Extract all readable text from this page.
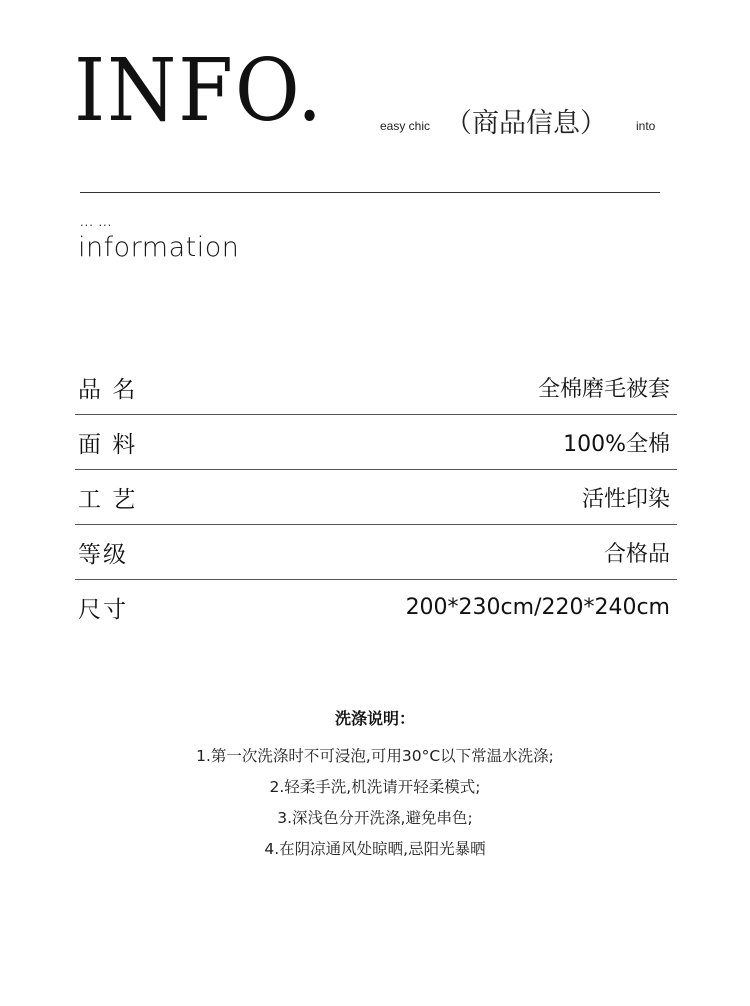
INFO.	easy chic （商品信息） into
... ...
information
品 名	全棉磨毛被套
面 料	100%全棉
工 艺	活性印染
等级	合格品
尺寸	200*230cm/220*240cm
洗涤说明：
1.第一次洗涤时不可浸泡,可用30°C以下常温水洗涤;
2.轻柔手洗,机洗请开轻柔模式;
3.深浅色分开洗涤,避免串色;
4.在阴凉通风处晾晒,忌阳光暴晒
